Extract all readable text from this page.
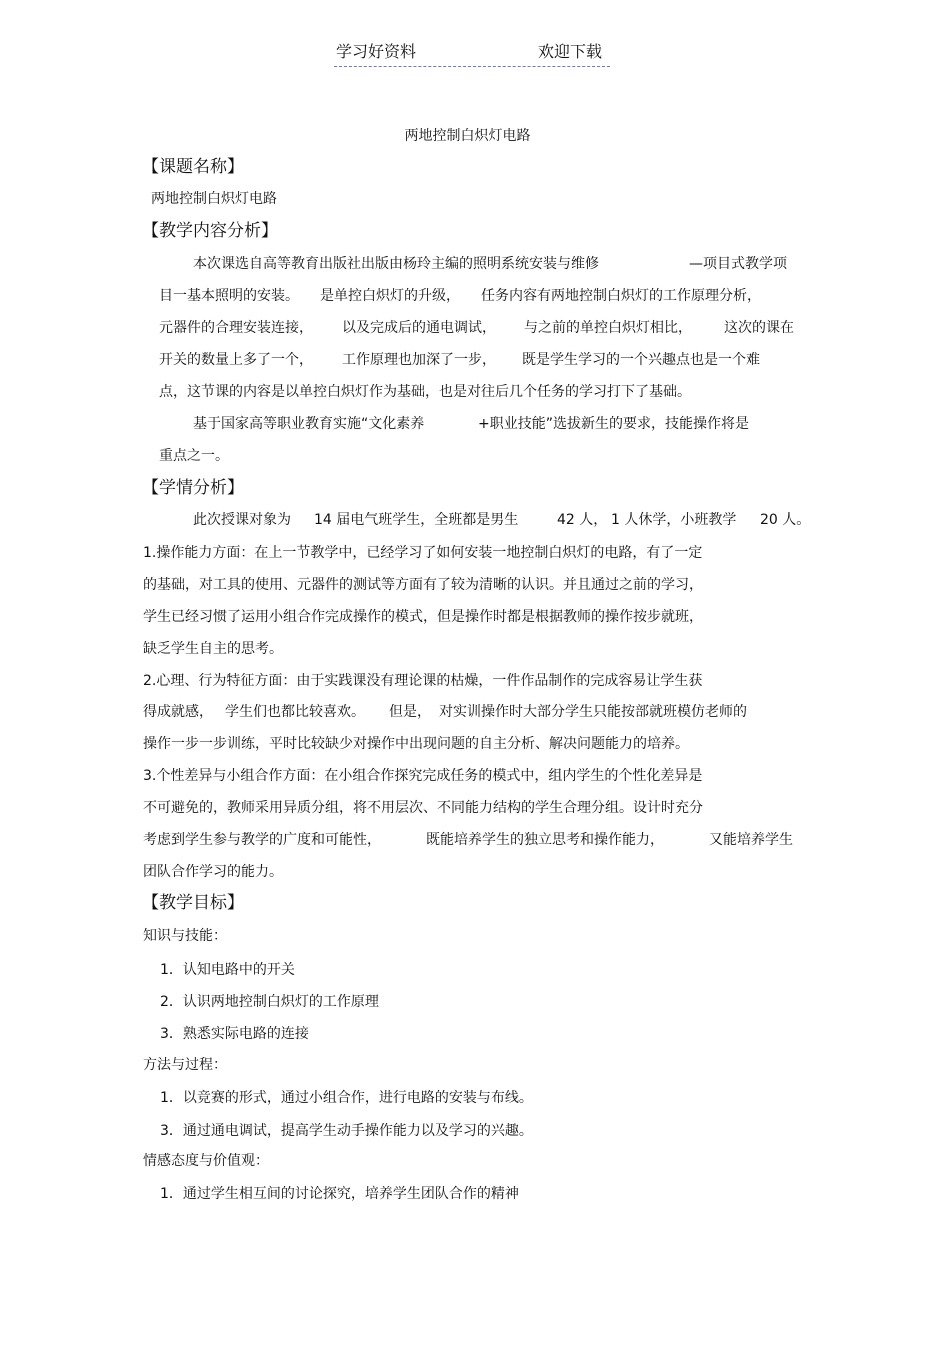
学习好资料	欢迎下载
两地控制白炽灯电路
【课题名称】
两地控制白炽灯电路
【教学内容分析】
本次课选自高等教育出版社出版由杨玲主编的照明系统安装与维修	—项目式教学项
目一基本照明的安装。 是单控白炽灯的升级， 任务内容有两地控制白炽灯的工作原理分析，
元器件的合理安装连接， 以及完成后的通电调试， 与之前的单控白炽灯相比， 这次的课在
开关的数量上多了一个， 工作原理也加深了一步， 既是学生学习的一个兴趣点也是一个难
点，这节课的内容是以单控白炽灯作为基础，也是对往后几个任务的学习打下了基础。
基于国家高等职业教育实施“文化素养	+职业技能”选拔新生的要求，技能操作将是
重点之一。
【学情分析】
此次授课对象为 14 届电气班学生，全班都是男生	42 人， 1 人休学，小班教学 20 人。
1.操作能力方面：在上一节教学中，已经学习了如何安装一地控制白炽灯的电路，有了一定
的基础，对工具的使用、元器件的测试等方面有了较为清晰的认识。并且通过之前的学习，
学生已经习惯了运用小组合作完成操作的模式，但是操作时都是根据教师的操作按步就班，
缺乏学生自主的思考。
2.心理、行为特征方面：由于实践课没有理论课的枯燥，一件作品制作的完成容易让学生获
得成就感， 学生们也都比较喜欢。 但是， 对实训操作时大部分学生只能按部就班模仿老师的
操作一步一步训练，平时比较缺少对操作中出现问题的自主分析、解决问题能力的培养。
3.个性差异与小组合作方面：在小组合作探究完成任务的模式中，组内学生的个性化差异是
不可避免的，教师采用异质分组，将不用层次、不同能力结构的学生合理分组。设计时充分
考虑到学生参与教学的广度和可能性，	既能培养学生的独立思考和操作能力，	又能培养学生
团队合作学习的能力。
【教学目标】
知识与技能：
1．认知电路中的开关
2．认识两地控制白炽灯的工作原理
3．熟悉实际电路的连接
方法与过程：
1．以竞赛的形式，通过小组合作，进行电路的安装与布线。
3．通过通电调试，提高学生动手操作能力以及学习的兴趣。
情感态度与价值观：
1．通过学生相互间的讨论探究，培养学生团队合作的精神
